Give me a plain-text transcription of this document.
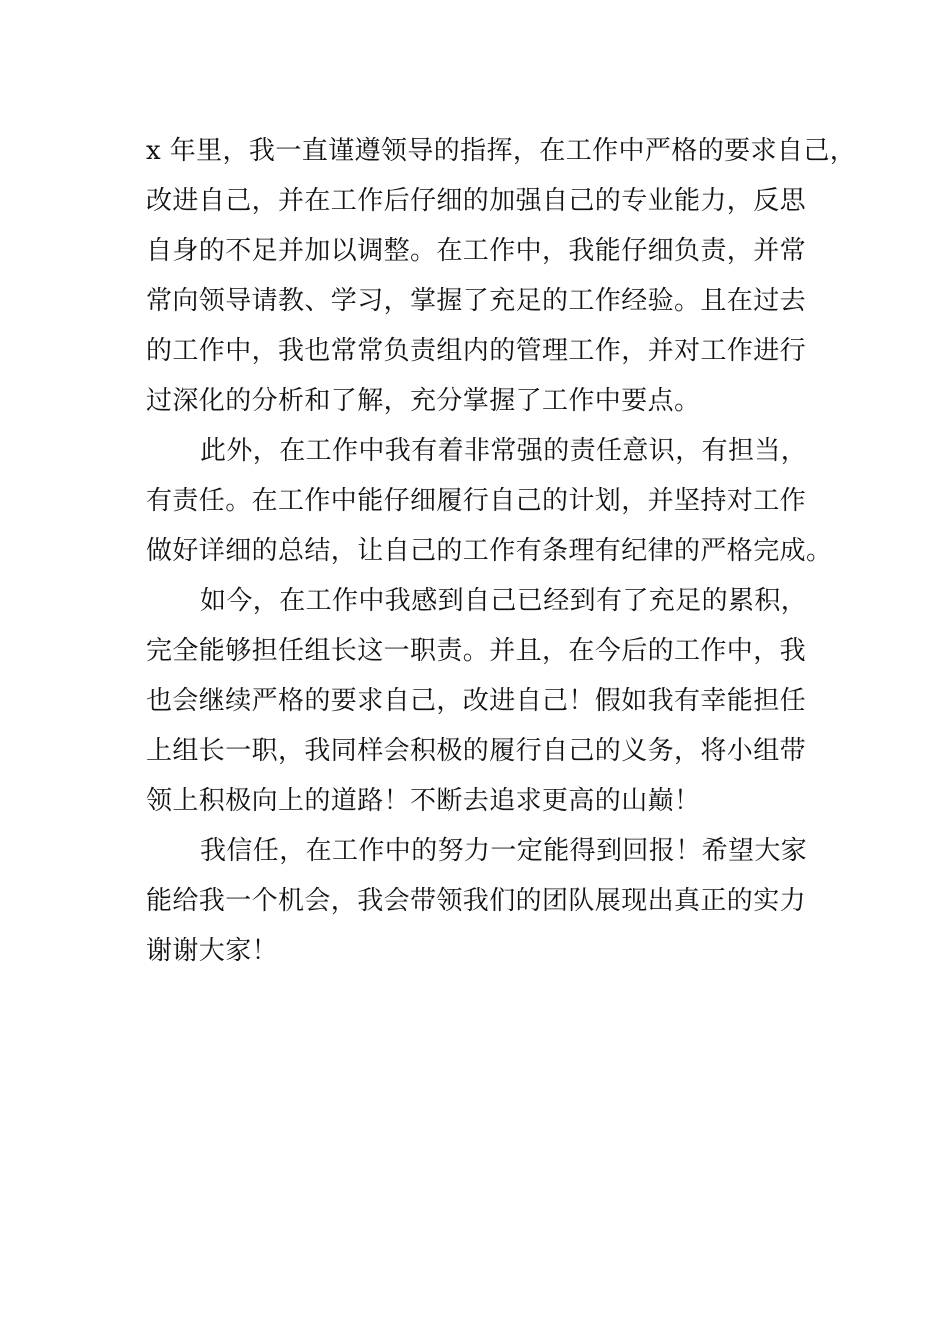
x 年里，我一直谨遵领导的指挥，在工作中严格的要求自己，
改进自己，并在工作后仔细的加强自己的专业能力，反思
自身的不足并加以调整。在工作中，我能仔细负责，并常
常向领导请教、学习，掌握了充足的工作经验。且在过去
的工作中，我也常常负责组内的管理工作，并对工作进行
过深化的分析和了解，充分掌握了工作中要点。
此外，在工作中我有着非常强的责任意识，有担当，
有责任。在工作中能仔细履行自己的计划，并坚持对工作
做好详细的总结，让自己的工作有条理有纪律的严格完成。
如今，在工作中我感到自己已经到有了充足的累积，
完全能够担任组长这一职责。并且，在今后的工作中，我
也会继续严格的要求自己，改进自己！假如我有幸能担任
上组长一职，我同样会积极的履行自己的义务，将小组带
领上积极向上的道路！不断去追求更高的山巅！
我信任，在工作中的努力一定能得到回报！希望大家
能给我一个机会，我会带领我们的团队展现出真正的实力
谢谢大家！
